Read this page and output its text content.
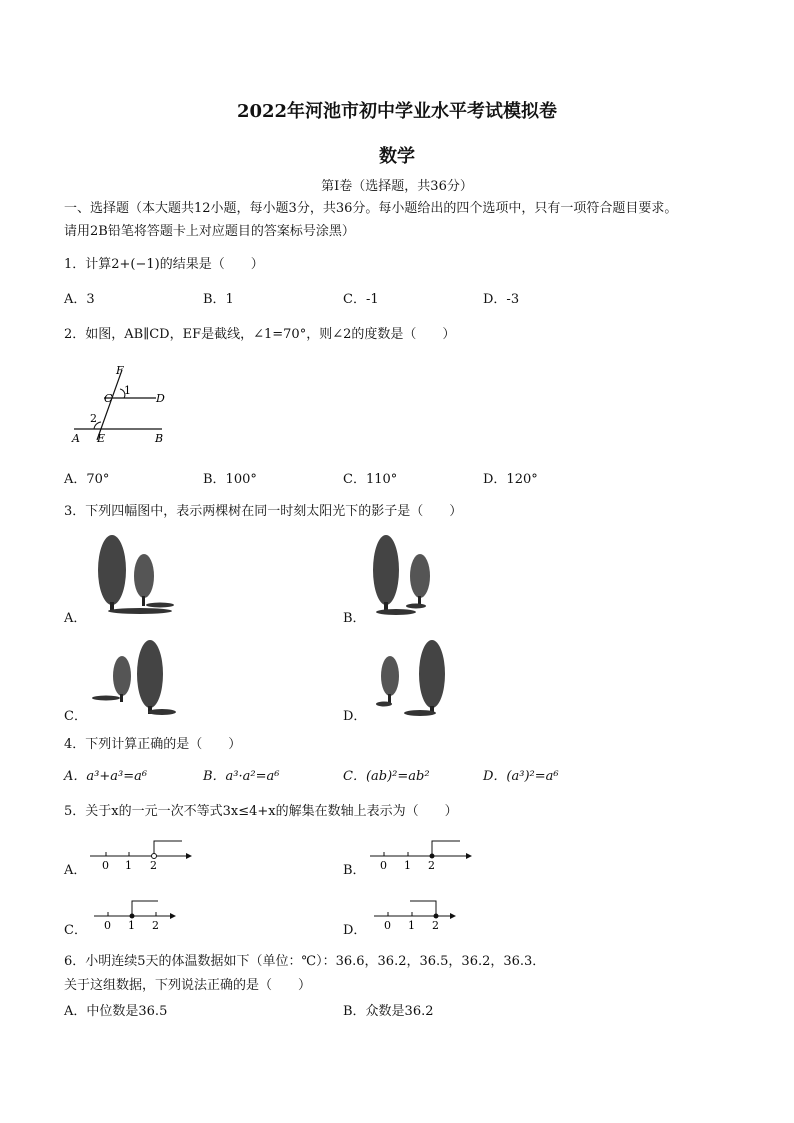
2022年河池市初中学业水平考试模拟卷
数学
第Ⅰ卷（选择题，共36分）
一、选择题（本大题共12小题，每小题3分，共36分。每小题给出的四个选项中，只有一项符合题目要求。
请用2B铅笔将答题卡上对应题目的答案标号涂黑）
1．计算2+(−1)的结果是（　　）
A．3	B．1	C．-1	D．-3
2．如图，AB∥CD，EF是截线，∠1=70°，则∠2的度数是（　　）
F
C
1
D
2
A E	B
A．70°	B．100°	C．110°	D．120°
3．下列四幅图中，表示两棵树在同一时刻太阳光下的影子是（　　）
A．	B．
C．	D．
4．下列计算正确的是（　　）
A．a³+a³=a⁶	B．a³·a²=a⁶	C．(ab)²=ab²	D．(a³)²=a⁶
5．关于x的一元一次不等式3x≤4+x的解集在数轴上表示为（　　）
0 1 2
A．	0 1 2
B．
0 1 2
C．	0 1 2
D．
6．小明连续5天的体温数据如下（单位：℃）：36.6，36.2，36.5，36.2，36.3．
关于这组数据，下列说法正确的是（　　）
A．中位数是36.5	B．众数是36.2
